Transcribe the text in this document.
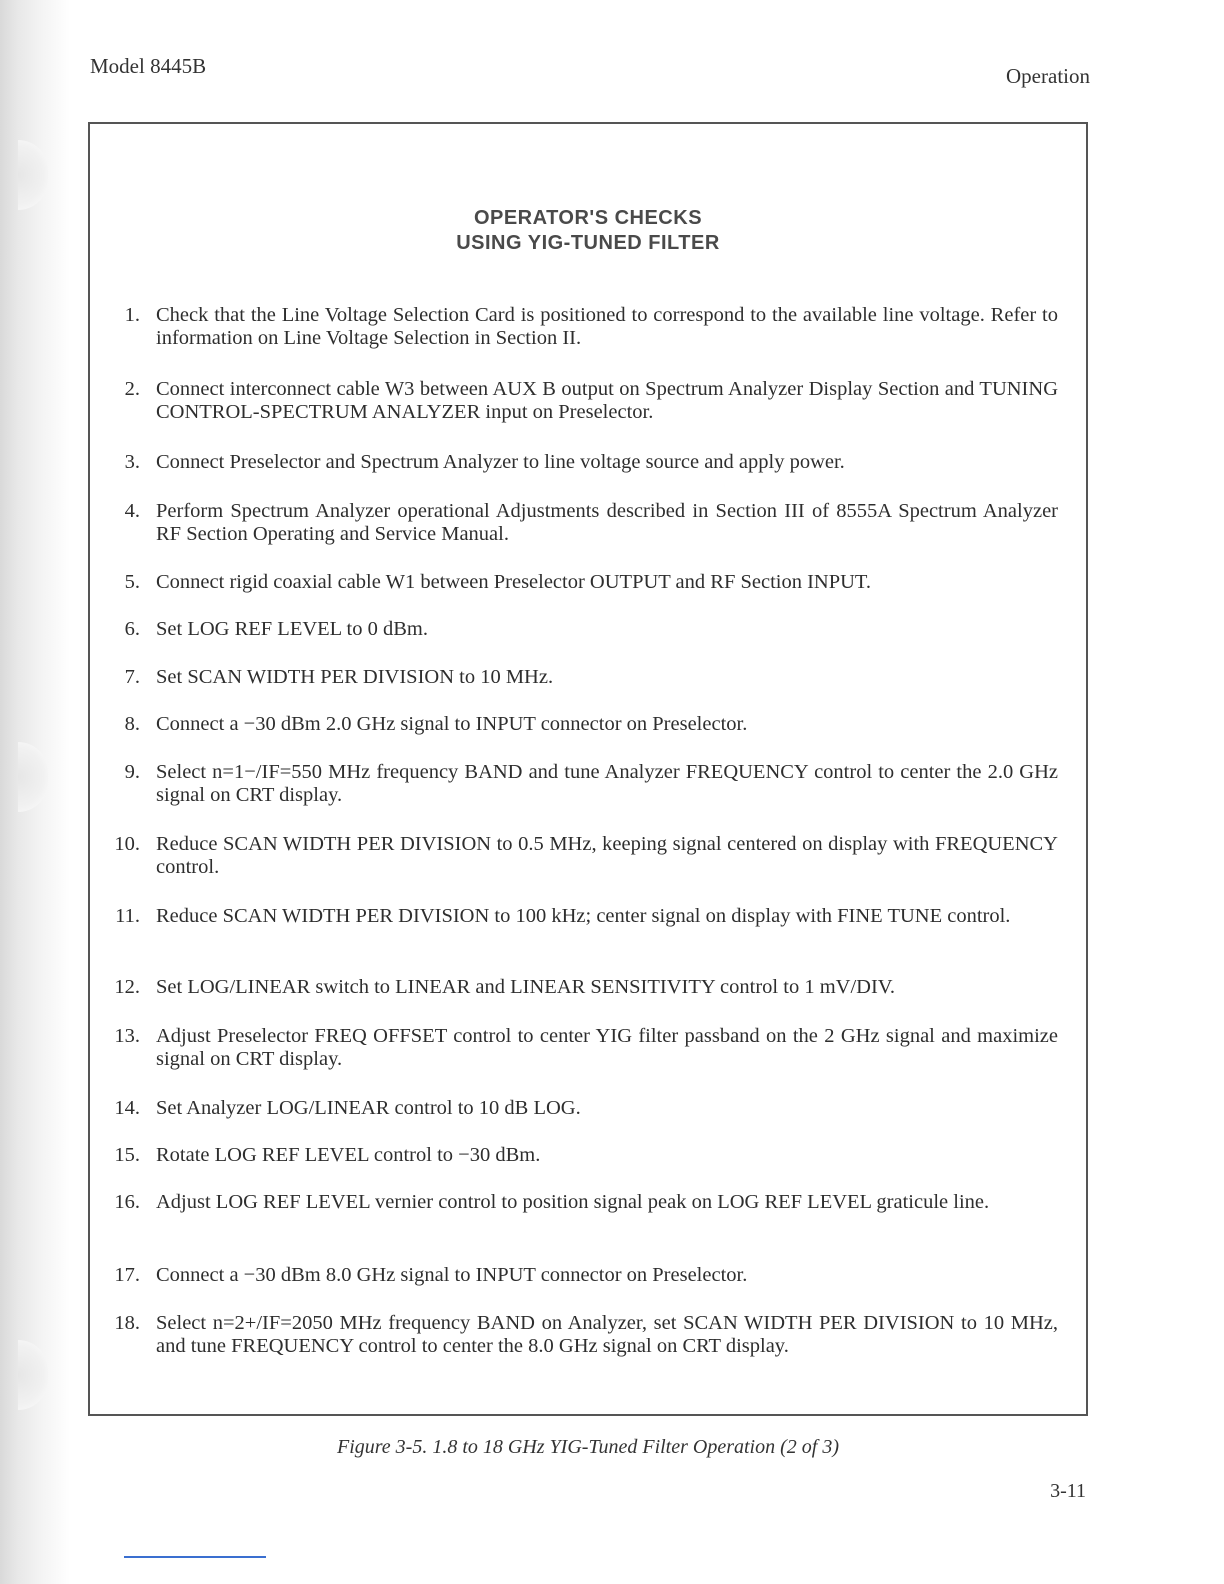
Model 8445B	Operation
OPERATOR'S CHECKS
USING YIG-TUNED FILTER
1. Check that the Line Voltage Selection Card is positioned to correspond to the available line voltage. Refer to information on Line Voltage Selection in Section II.
2. Connect interconnect cable W3 between AUX B output on Spectrum Analyzer Display Section and TUNING CONTROL-SPECTRUM ANALYZER input on Preselector.
3. Connect Preselector and Spectrum Analyzer to line voltage source and apply power.
4. Perform Spectrum Analyzer operational Adjustments described in Section III of 8555A Spectrum Analyzer RF Section Operating and Service Manual.
5. Connect rigid coaxial cable W1 between Preselector OUTPUT and RF Section INPUT.
6. Set LOG REF LEVEL to 0 dBm.
7. Set SCAN WIDTH PER DIVISION to 10 MHz.
8. Connect a −30 dBm 2.0 GHz signal to INPUT connector on Preselector.
9. Select n=1−/IF=550 MHz frequency BAND and tune Analyzer FREQUENCY control to center the 2.0 GHz signal on CRT display.
10. Reduce SCAN WIDTH PER DIVISION to 0.5 MHz, keeping signal centered on display with FREQUENCY control.
11. Reduce SCAN WIDTH PER DIVISION to 100 kHz; center signal on display with FINE TUNE control.
12. Set LOG/LINEAR switch to LINEAR and LINEAR SENSITIVITY control to 1 mV/DIV.
13. Adjust Preselector FREQ OFFSET control to center YIG filter passband on the 2 GHz signal and maximize signal on CRT display.
14. Set Analyzer LOG/LINEAR control to 10 dB LOG.
15. Rotate LOG REF LEVEL control to −30 dBm.
16. Adjust LOG REF LEVEL vernier control to position signal peak on LOG REF LEVEL graticule line.
17. Connect a −30 dBm 8.0 GHz signal to INPUT connector on Preselector.
18. Select n=2+/IF=2050 MHz frequency BAND on Analyzer, set SCAN WIDTH PER DIVISION to 10 MHz, and tune FREQUENCY control to center the 8.0 GHz signal on CRT display.
Figure 3-5. 1.8 to 18 GHz YIG-Tuned Filter Operation (2 of 3)
3-11
